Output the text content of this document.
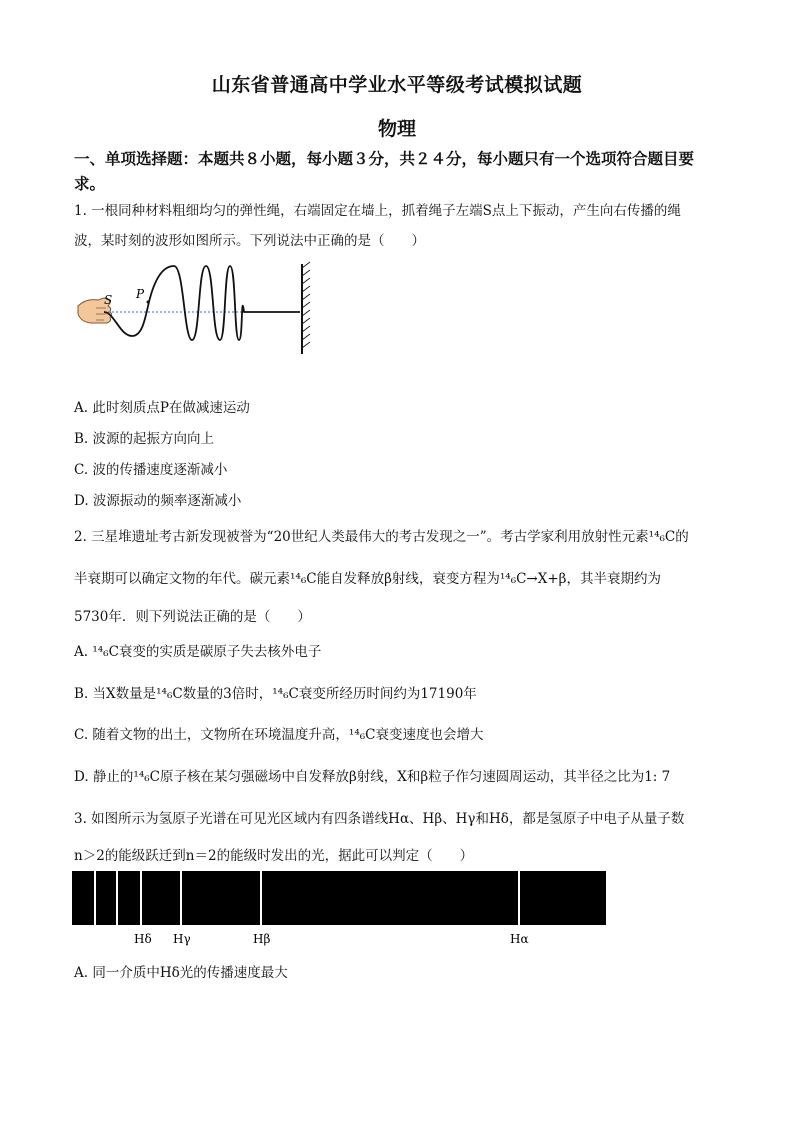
山东省普通高中学业水平等级考试模拟试题
物理
一、单项选择题：本题共８小题，每小题３分，共２４分，每小题只有一个选项符合题目要
求。
1. 一根同种材料粗细均匀的弹性绳，右端固定在墙上，抓着绳子左端S点上下振动，产生向右传播的绳
波，某时刻的波形如图所示。下列说法中正确的是（　　）
S P
A. 此时刻质点P在做减速运动
B. 波源的起振方向向上
C. 波的传播速度逐渐减小
D. 波源振动的频率逐渐减小
2. 三星堆遗址考古新发现被誉为“20世纪人类最伟大的考古发现之一”。考古学家利用放射性元素¹⁴₆C的
半衰期可以确定文物的年代。碳元素¹⁴₆C能自发释放β射线，衰变方程为¹⁴₆C→X+β，其半衰期约为
5730年．则下列说法正确的是（　　）
A. ¹⁴₆C衰变的实质是碳原子失去核外电子
B. 当X数量是¹⁴₆C数量的3倍时，¹⁴₆C衰变所经历时间约为17190年
C. 随着文物的出土，文物所在环境温度升高，¹⁴₆C衰变速度也会增大
D. 静止的¹⁴₆C原子核在某匀强磁场中自发释放β射线，X和β粒子作匀速圆周运动，其半径之比为1: 7
3. 如图所示为氢原子光谱在可见光区域内有四条谱线Hα、Hβ、Hγ和Hδ，都是氢原子中电子从量子数
n＞2的能级跃迁到n＝2的能级时发出的光，据此可以判定（　　）
Hδ Hγ	Hβ	Hα
A. 同一介质中Hδ光的传播速度最大
